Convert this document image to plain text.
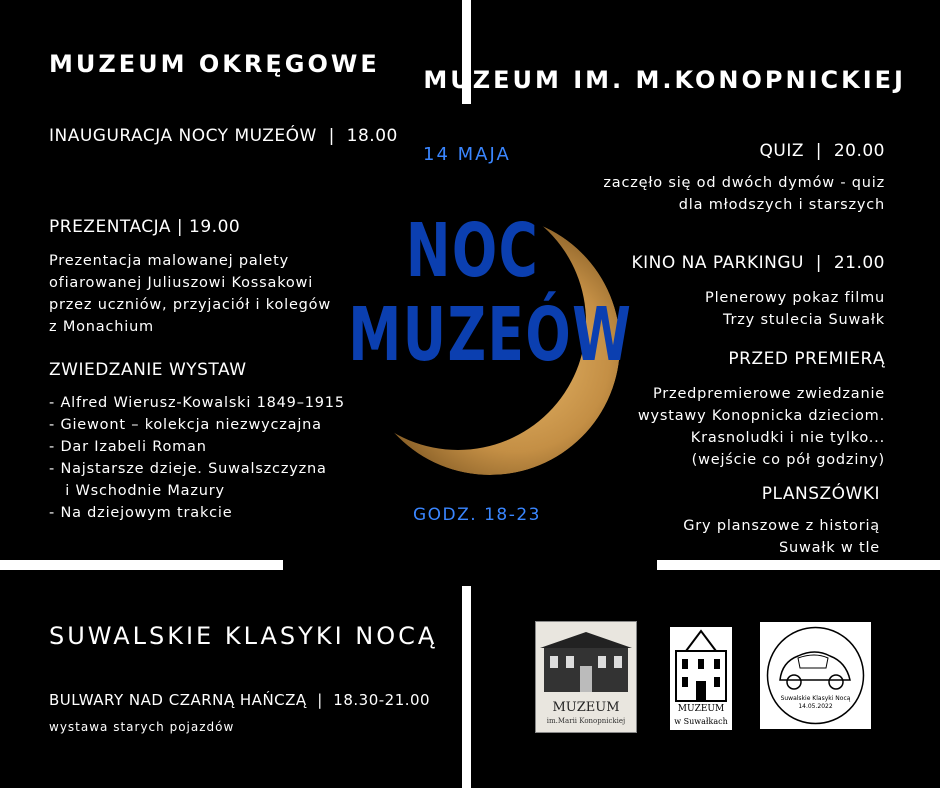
MUZEUM OKRĘGOWE
INAUGURACJA NOCY MUZEÓW  |  18.00
PREZENTACJA | 19.00
Prezentacja malowanej palety
ofiarowanej Juliuszowi Kossakowi
przez uczniów, przyjaciół i kolegów
z Monachium
ZWIEDZANIE WYSTAW
- Alfred Wierusz-Kowalski 1849–1915
- Giewont – kolekcja niezwyczajna
- Dar Izabeli Roman
- Najstarsze dzieje. Suwalszczyzna
i Wschodnie Mazury
- Na dziejowym trakcie
14 MAJA
NOC
MUZEÓW
GODZ. 18-23
MUZEUM IM. M.KONOPNICKIEJ
QUIZ  |  20.00
zaczęło się od dwóch dymów - quiz
dla młodszych i starszych
KINO NA PARKINGU  |  21.00
Plenerowy pokaz filmu
Trzy stulecia Suwałk
PRZED PREMIERĄ
Przedpremierowe zwiedzanie
wystawy Konopnicka dzieciom.
Krasnoludki i nie tylko...
(wejście co pół godziny)
PLANSZÓWKI
Gry planszowe z historią
Suwałk w tle
SUWALSKIE KLASYKI NOCĄ
BULWARY NAD CZARNĄ HAŃCZĄ  |  18.30-21.00
wystawa starych pojazdów
MUZEUM
im.Marii Konopnickiej
MUZEUM
w Suwałkach
Suwalskie Klasyki Nocą
14.05.2022
